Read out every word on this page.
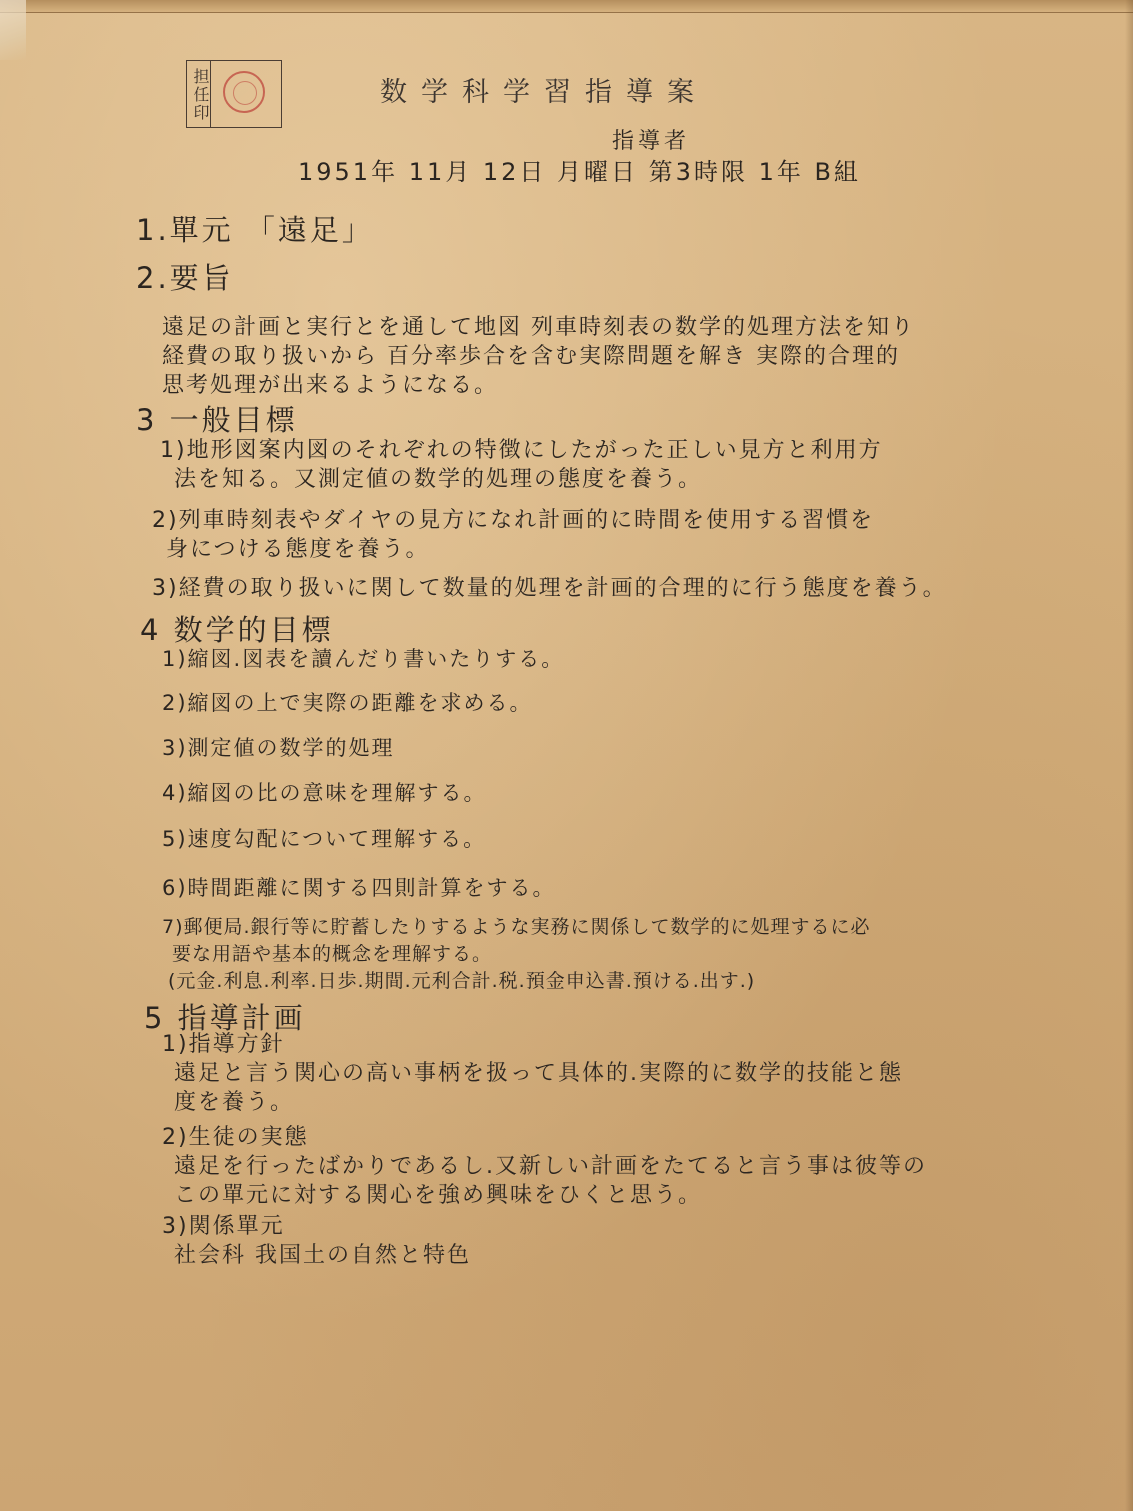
担任印	数学科学習指導案
指導者
1951年 11月 12日 月曜日 第3時限 1年 B組
1.單元 「遠足」
2.要旨
遠足の計画と実行とを通して地図 列車時刻表の数学的処理方法を知り
経費の取り扱いから 百分率歩合を含む実際問題を解き 実際的合理的
思考処理が出来るようになる。
3 一般目標
1)地形図案内図のそれぞれの特徴にしたがった正しい見方と利用方
法を知る。又測定値の数学的処理の態度を養う。
2)列車時刻表やダイヤの見方になれ計画的に時間を使用する習慣を
身につける態度を養う。
3)経費の取り扱いに関して数量的処理を計画的合理的に行う態度を養う。
4 数学的目標
1)縮図.図表を讀んだり書いたりする。
2)縮図の上で実際の距離を求める。
3)測定値の数学的処理
4)縮図の比の意味を理解する。
5)速度勾配について理解する。
6)時間距離に関する四則計算をする。
7)郵便局.銀行等に貯蓄したりするような実務に関係して数学的に処理するに必
要な用語や基本的概念を理解する。
(元金.利息.利率.日歩.期間.元利合計.税.預金申込書.預ける.出す.)
5 指導計画
1)指導方針
遠足と言う関心の高い事柄を扱って具体的.実際的に数学的技能と態
度を養う。
2)生徒の実態
遠足を行ったばかりであるし.又新しい計画をたてると言う事は彼等の
この單元に対する関心を強め興味をひくと思う。
3)関係單元
社会科 我国土の自然と特色
